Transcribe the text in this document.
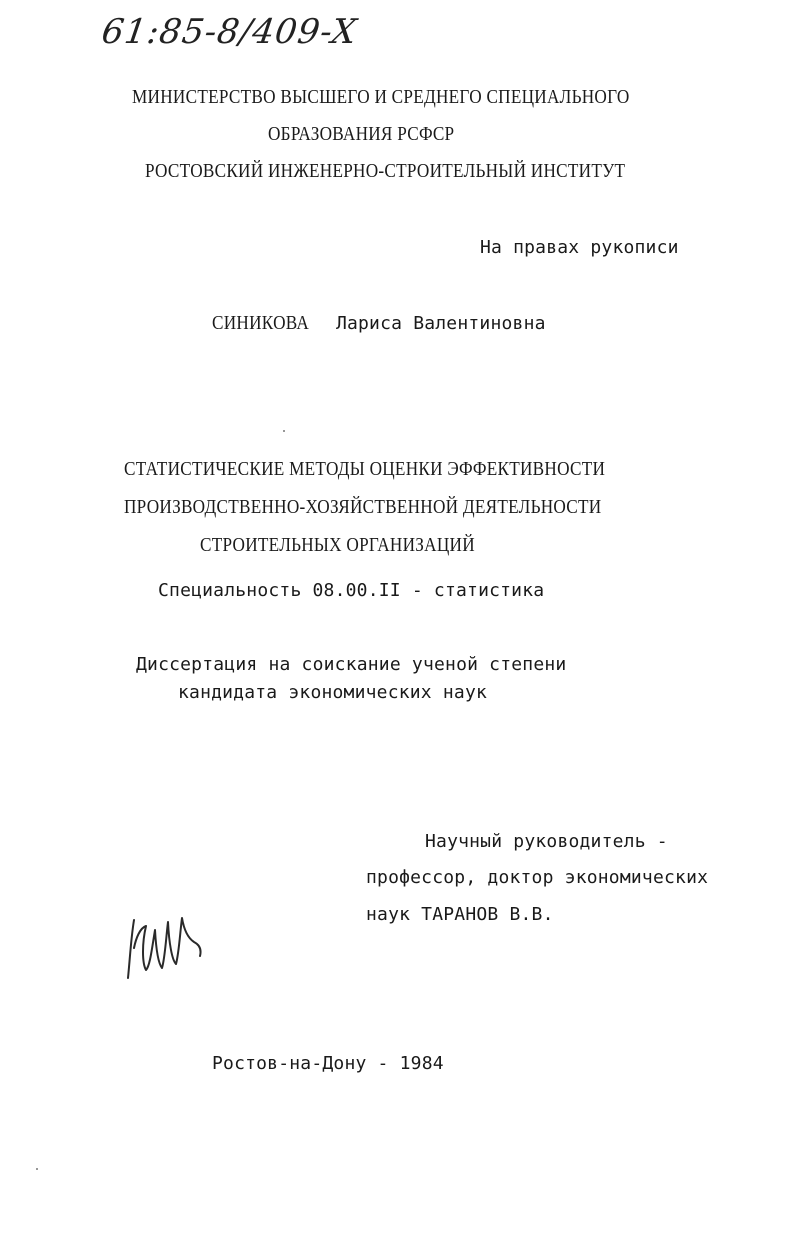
61:85-8/409-X
МИНИСТЕРСТВО ВЫСШЕГО И СРЕДНЕГО СПЕЦИАЛЬНОГО
ОБРАЗОВАНИЯ РСФСР
РОСТОВСКИЙ ИНЖЕНЕРНО-СТРОИТЕЛЬНЫЙ ИНСТИТУТ
На правах рукописи
СИНИКОВА Лариса Валентиновна
СТАТИСТИЧЕСКИЕ МЕТОДЫ ОЦЕНКИ ЭФФЕКТИВНОСТИ
ПРОИЗВОДСТВЕННО-ХОЗЯЙСТВЕННОЙ ДЕЯТЕЛЬНОСТИ
СТРОИТЕЛЬНЫХ ОРГАНИЗАЦИЙ
Специальность 08.00.II - статистика
Диссертация на соискание ученой степени
кандидата экономических наук
Научный руководитель -
профессор, доктор экономических
наук ТАРАНОВ В.В.
Ростов-на-Дону - 1984
